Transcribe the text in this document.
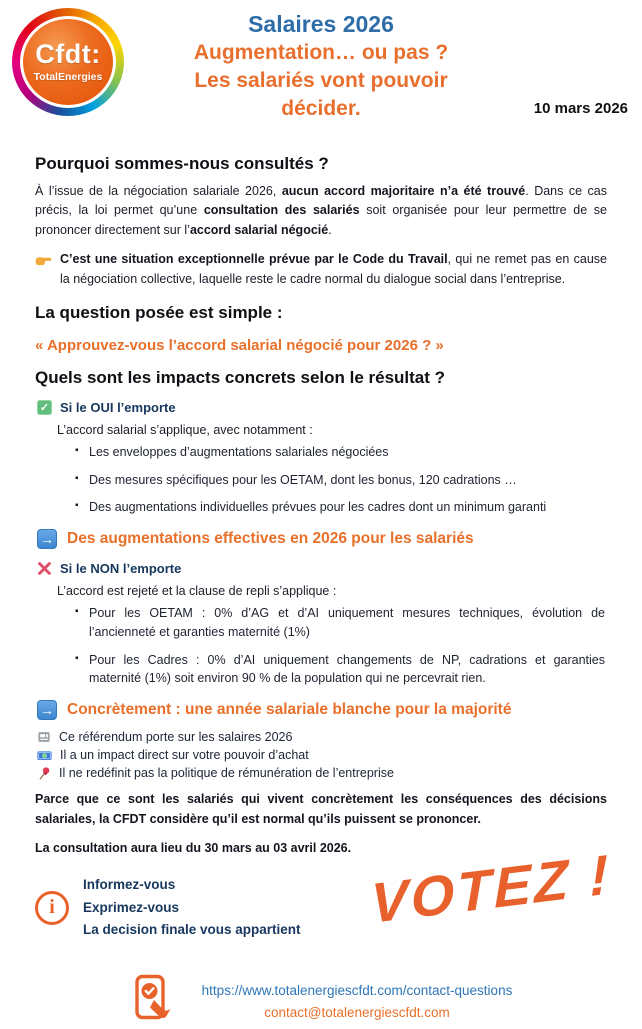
Cfdt:
TotalEnergies
Salaires 2026
Augmentation… ou pas ?
Les salariés vont pouvoir
décider.	10 mars 2026
Pourquoi sommes-nous consultés ?

À l’issue de la négociation salariale 2026, aucun accord majoritaire n’a été trouvé. Dans ce cas précis, la loi permet qu’une consultation des salariés soit organisée pour leur permettre de se prononcer directement sur l’accord salarial négocié.

C’est une situation exceptionnelle prévue par le Code du Travail, qui ne remet pas en cause la négociation collective, laquelle reste le cadre normal du dialogue social dans l’entreprise.

La question posée est simple :
« Approuvez-vous l’accord salarial négocié pour 2026 ? »
Quels sont les impacts concrets selon le résultat ?
✓ Si le OUI l’emporte

L’accord salarial s’applique, avec notamment :

▪ Les enveloppes d’augmentations salariales négociées
▪ Des mesures spécifiques pour les OETAM, dont les bonus, 120 cadrations …
▪ Des augmentations individuelles prévues pour les cadres dont un minimum garanti
→ Des augmentations effectives en 2026 pour les salariés
Si le NON l’emporte

L’accord est rejeté et la clause de repli s’applique :

▪ Pour les OETAM : 0% d’AG et d’AI uniquement mesures techniques, évolution de l’ancienneté et garanties maternité (1%)
▪ Pour les Cadres : 0% d’AI uniquement changements de NP, cadrations et garanties maternité (1%) soit environ 90 % de la population qui ne percevrait rien.
→ Concrètement : une année salariale blanche pour la majorité
Ce référendum porte sur les salaires 2026
Il a un impact direct sur votre pouvoir d’achat
Il ne redéfinit pas la politique de rémunération de l’entreprise

Parce que ce sont les salariés qui vivent concrètement les conséquences des décisions salariales, la CFDT considère qu’il est normal qu’ils puissent se prononcer.

La consultation aura lieu du 30 mars au 03 avril 2026.

i
Informez-vous
Exprimez-vous
La decision finale vous appartient VOTEZ !
https://www.totalenergiescfdt.com/contact-questions
contact@totalenergiescfdt.com
